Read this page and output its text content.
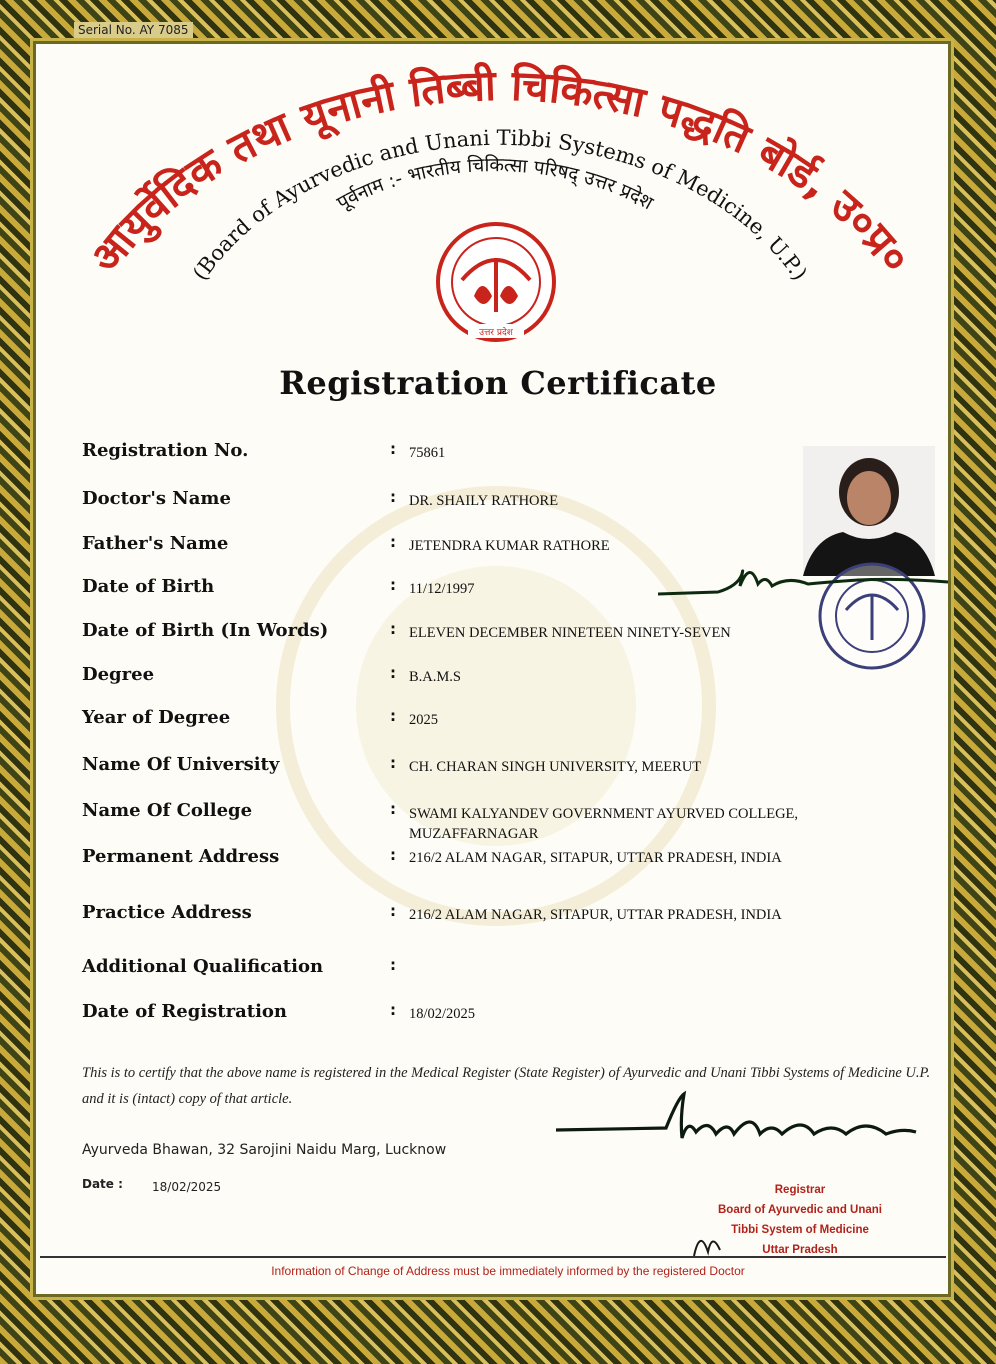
Serial No. AY 7085
आयुर्वेदिक तथा यूनानी तिब्बी चिकित्सा पद्धति बोर्ड, उ०प्र०
(Board of Ayurvedic and Unani Tibbi Systems of Medicine, U.P.)
पूर्वनाम :- भारतीय चिकित्सा परिषद् उत्तर प्रदेश
उत्तर प्रदेश
Registration Certificate
Registration No.	: 75861
Doctor's Name	: DR. SHAILY RATHORE
Father's Name	: JETENDRA KUMAR RATHORE
Date of Birth	: 11/12/1997
Date of Birth (In Words)	: ELEVEN DECEMBER NINETEEN NINETY-SEVEN
Degree	: B.A.M.S
Year of Degree	: 2025
Name Of University	: CH. CHARAN SINGH UNIVERSITY, MEERUT
Name Of College	: SWAMI KALYANDEV GOVERNMENT AYURVED COLLEGE, MUZAFFARNAGAR
Permanent Address	: 216/2 ALAM NAGAR, SITAPUR, UTTAR PRADESH, INDIA
Practice Address	: 216/2 ALAM NAGAR, SITAPUR, UTTAR PRADESH, INDIA
Additional Qualification	:
Date of Registration	: 18/02/2025
This is to certify that the above name is registered in the Medical Register (State Register) of Ayurvedic and Unani Tibbi Systems of Medicine U.P. and it is (intact) copy of that article.
Ayurveda Bhawan, 32 Sarojini Naidu Marg, Lucknow
Date : 18/02/2025	Registrar
Board of Ayurvedic and Unani
Tibbi System of Medicine
Uttar Pradesh
Information of Change of Address must be immediately informed by the registered Doctor
